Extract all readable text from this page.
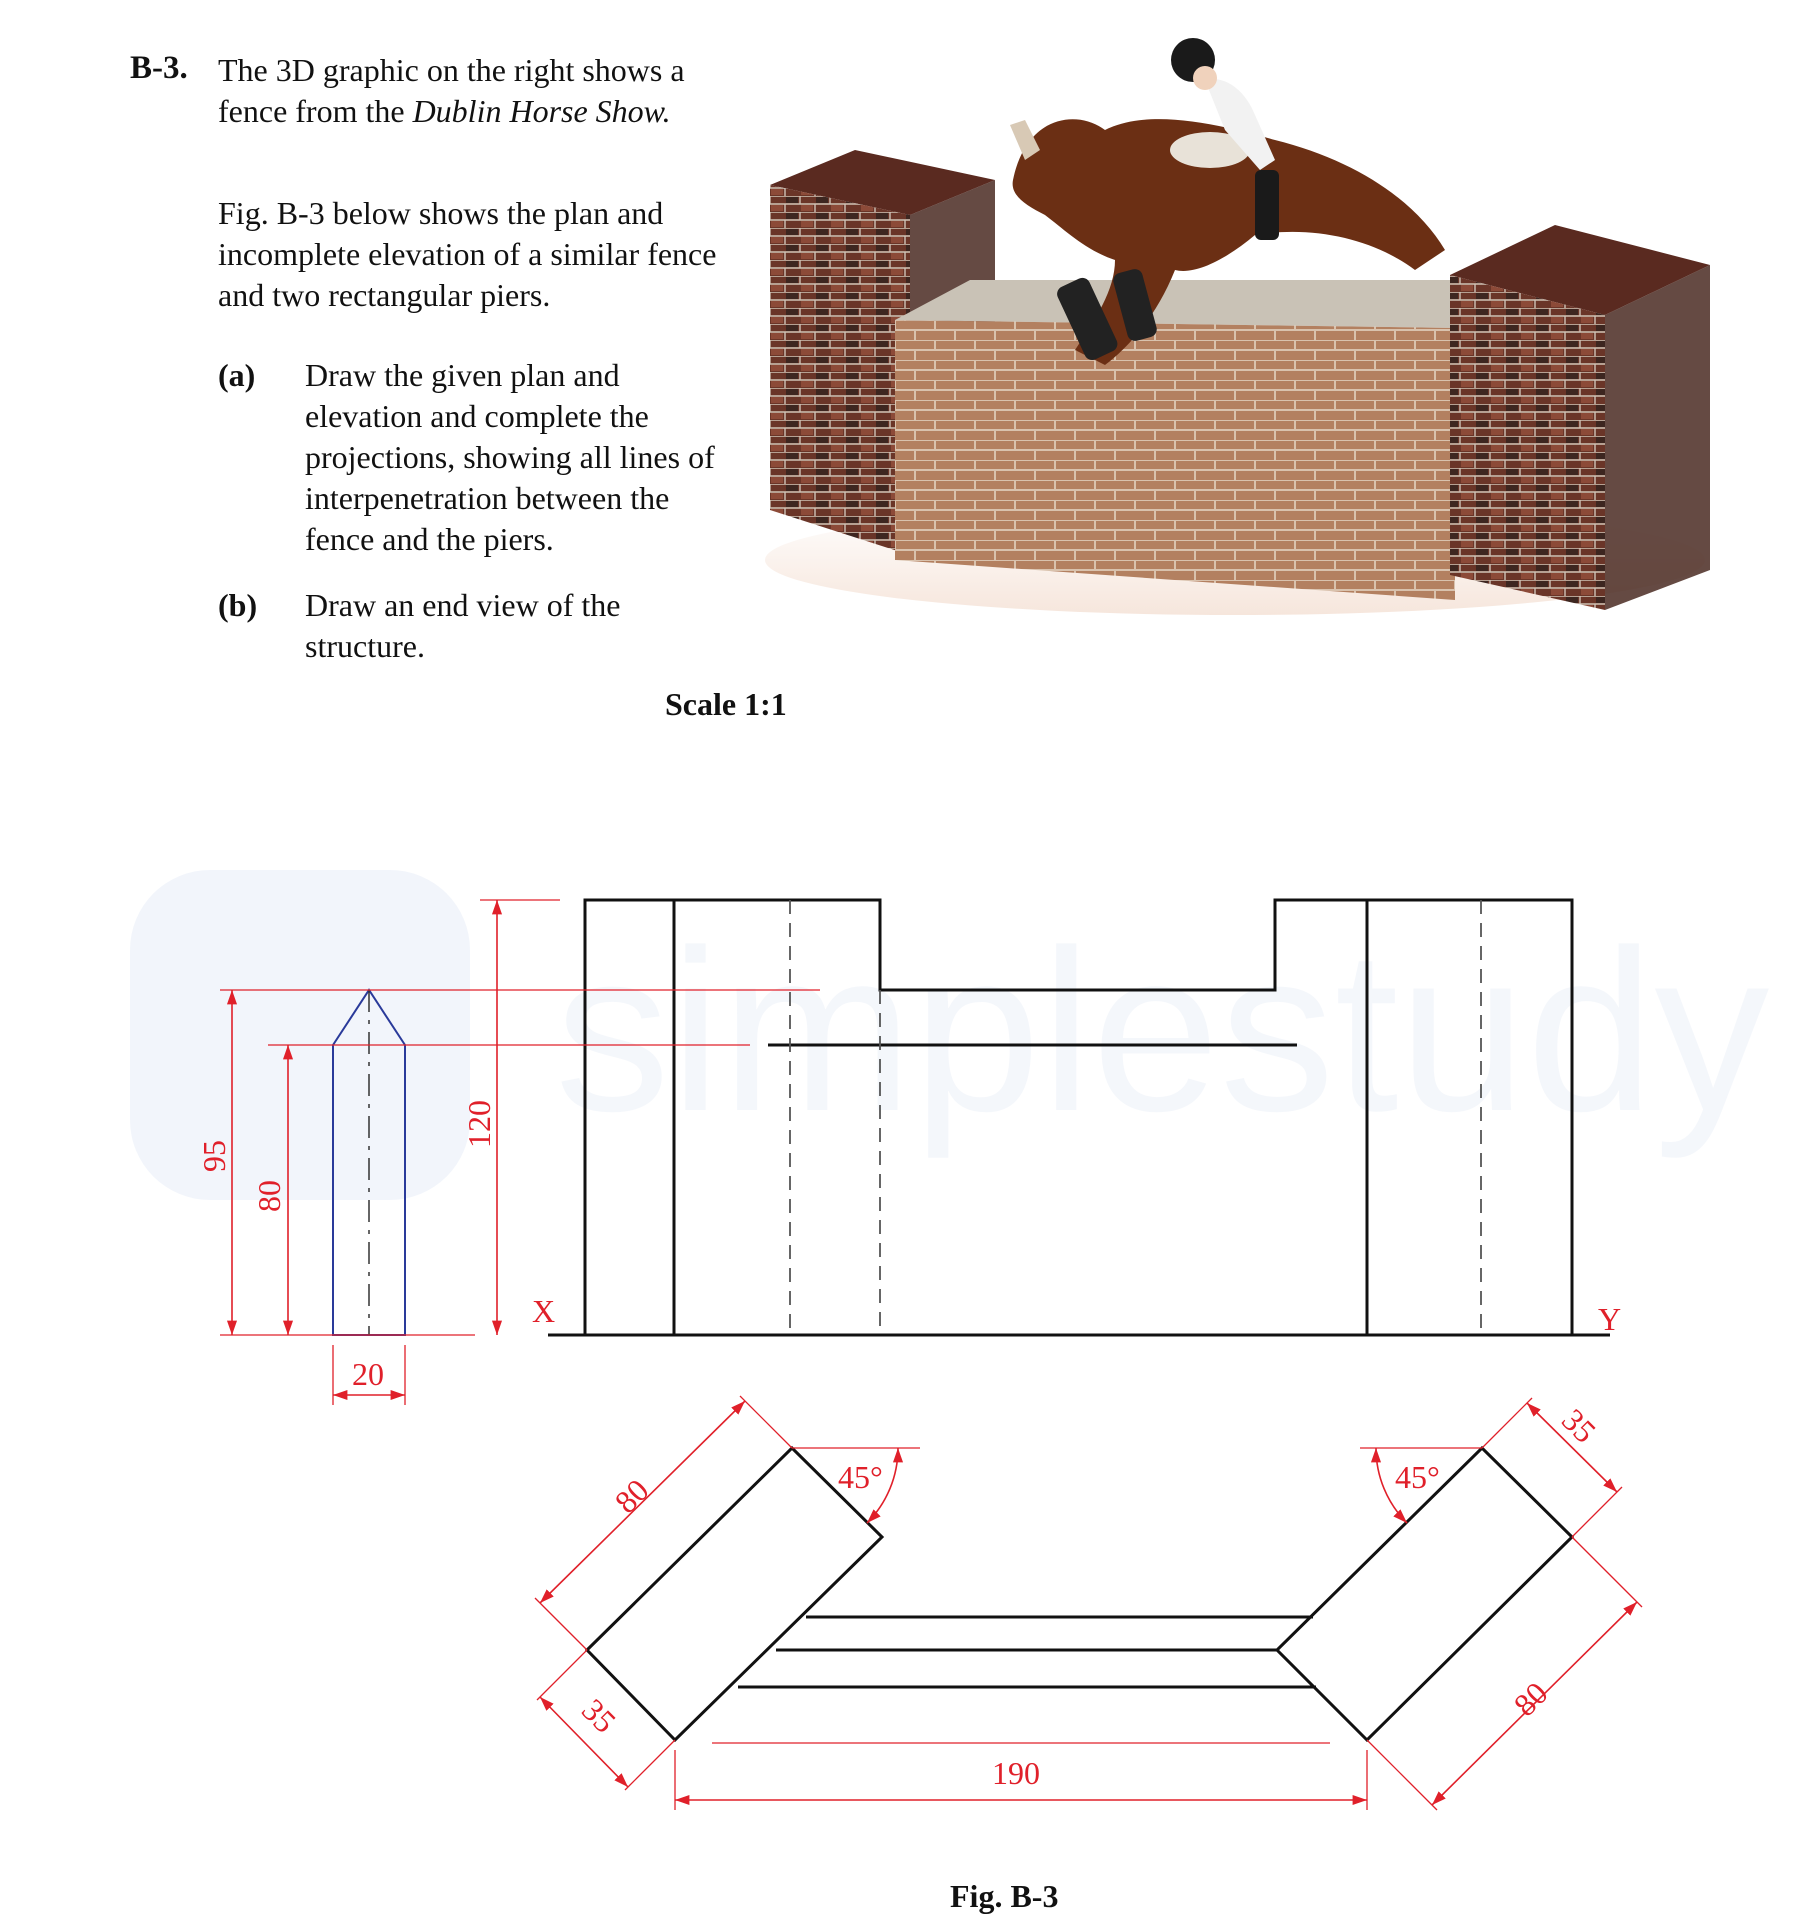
B-3. The 3D graphic on the right shows a fence from the Dublin Horse Show.
Fig. B-3 below shows the plan and incomplete elevation of a similar fence and two rectangular piers.
(a) Draw the given plan and elevation and complete the projections, showing all lines of interpenetration between the fence and the piers.
(b) Draw an end view of the structure.
Scale 1:1
simplestudy
X	Y
95
80
120
20
80
35
45°	45°
35
80
190
Fig. B-3
